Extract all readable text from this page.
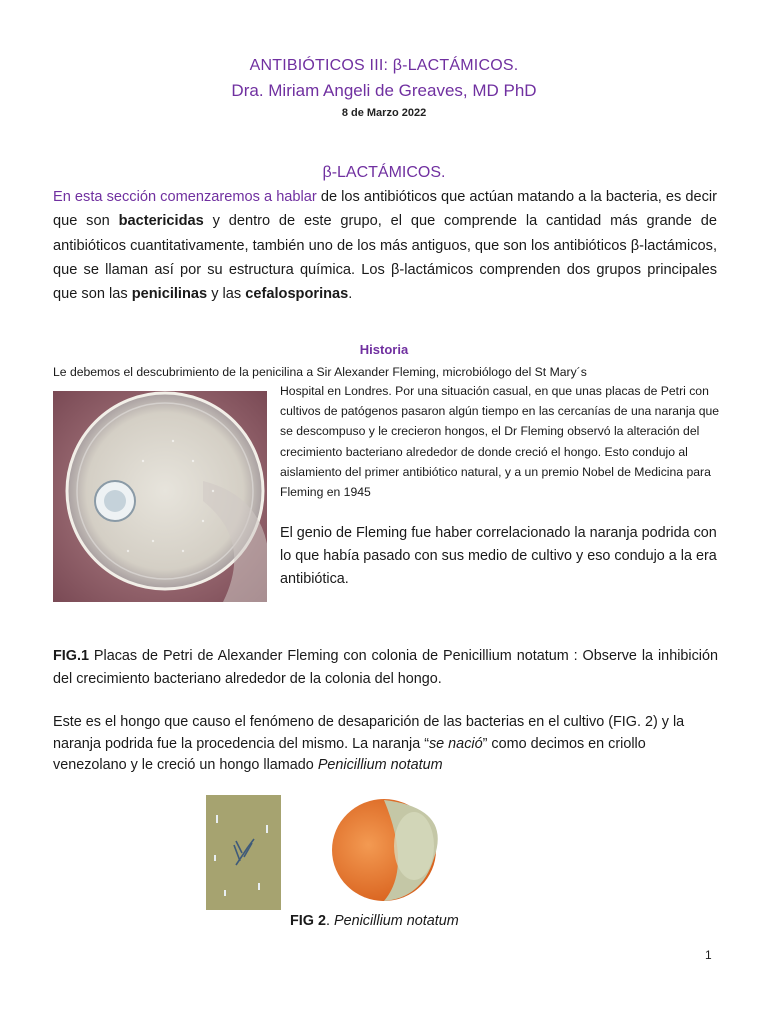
ANTIBIÓTICOS III: β-LACTÁMICOS.
Dra. Miriam Angeli de Greaves, MD PhD
8 de Marzo 2022
β-LACTÁMICOS.
En esta sección comenzaremos a hablar de los antibióticos que actúan matando a la bacteria, es decir que son bactericidas y dentro de este grupo, el que comprende la cantidad más grande de antibióticos cuantitativamente, también uno de los más antiguos, que son los antibióticos β-lactámicos, que se llaman así por su estructura química. Los β-lactámicos comprenden dos grupos principales que son las penicilinas y las cefalosporinas.
Historia
Le debemos el descubrimiento de la penicilina a Sir Alexander Fleming, microbiólogo del St Mary´s
Hospital en Londres. Por una situación casual, en que unas placas de Petri con cultivos de patógenos pasaron algún tiempo en las cercanías de una naranja que se descompuso y le crecieron hongos, el Dr Fleming observó la alteración del crecimiento bacteriano alrededor de donde creció el hongo. Esto condujo al aislamiento del primer antibiótico natural, y a un premio Nobel de Medicina para Fleming en 1945
El genio de Fleming fue haber correlacionado la naranja podrida con lo que había pasado con sus medio de cultivo y eso condujo a la era antibiótica.
FIG.1 Placas de Petri de Alexander Fleming con colonia de Penicillium notatum : Observe la inhibición del crecimiento bacteriano alrededor de la colonia del hongo.
Este es el hongo que causo el fenómeno de desaparición de las bacterias en el cultivo (FIG. 2) y la naranja podrida fue la procedencia del mismo. La naranja “se nació” como decimos en criollo venezolano y le creció un hongo llamado Penicillium notatum
FIG 2. Penicillium notatum
1
